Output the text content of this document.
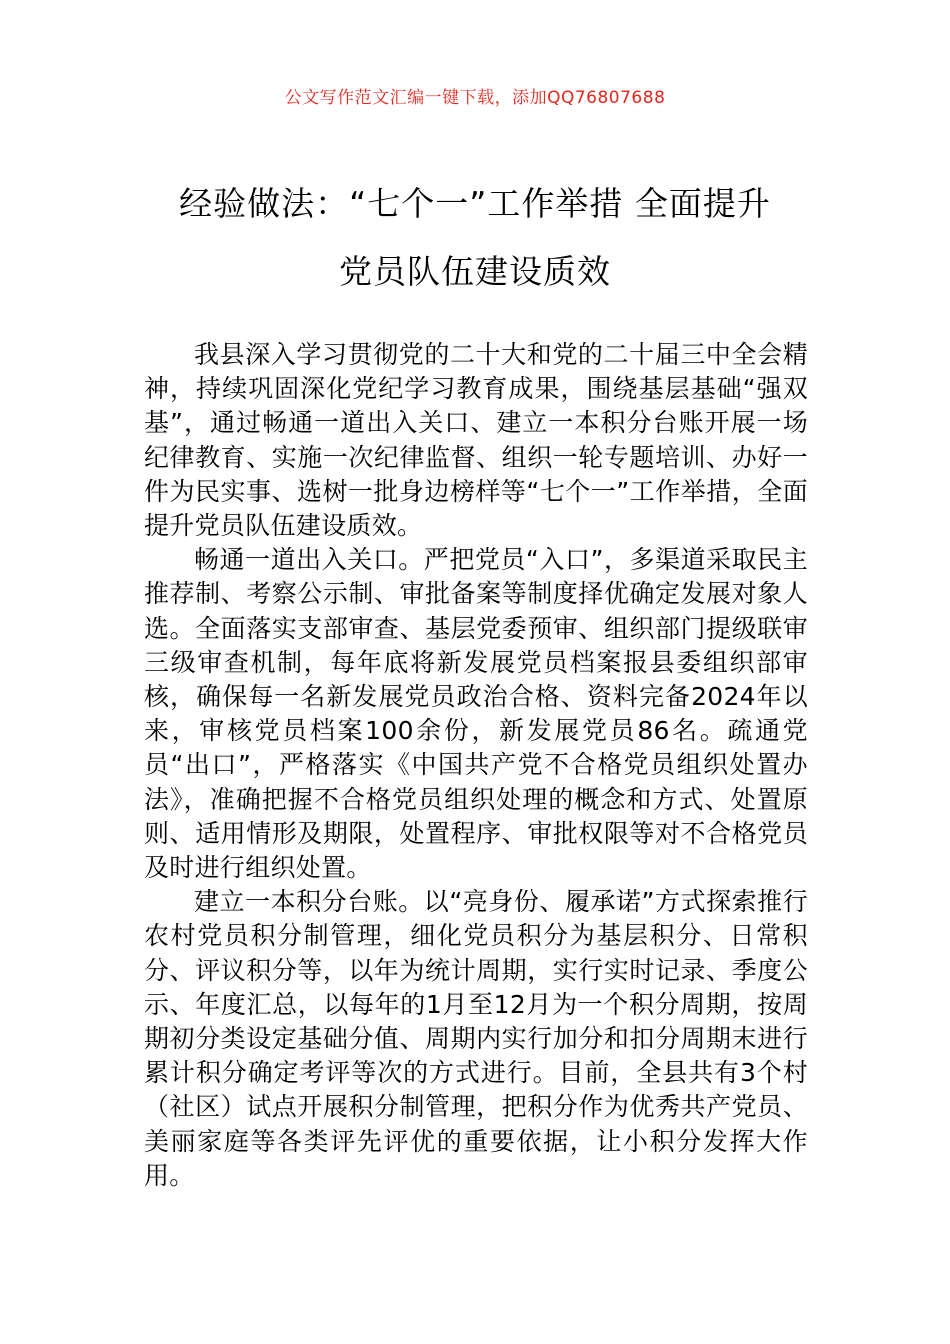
公文写作范文汇编一键下载，添加QQ76807688
经验做法：“七个一”工作举措 全面提升
党员队伍建设质效

我县深入学习贯彻党的二十大和党的二十届三中全会精神，持续巩固深化党纪学习教育成果，围绕基层基础“强双基”，通过畅通一道出入关口、建立一本积分台账开展一场纪律教育、实施一次纪律监督、组织一轮专题培训、办好一件为民实事、选树一批身边榜样等“七个一”工作举措，全面提升党员队伍建设质效。

畅通一道出入关口。严把党员“入口”，多渠道采取民主推荐制、考察公示制、审批备案等制度择优确定发展对象人选。全面落实支部审查、基层党委预审、组织部门提级联审三级审查机制，每年底将新发展党员档案报县委组织部审核，确保每一名新发展党员政治合格、资料完备2024年以来，审核党员档案100余份，新发展党员86名。疏通党员“出口”，严格落实《中国共产党不合格党员组织处置办法》，准确把握不合格党员组织处理的概念和方式、处置原则、适用情形及期限，处置程序、审批权限等对不合格党员及时进行组织处置。

建立一本积分台账。以“亮身份、履承诺”方式探索推行农村党员积分制管理，细化党员积分为基层积分、日常积分、评议积分等，以年为统计周期，实行实时记录、季度公示、年度汇总，以每年的1月至12月为一个积分周期，按周期初分类设定基础分值、周期内实行加分和扣分周期末进行累计积分确定考评等次的方式进行。目前，全县共有3个村（社区）试点开展积分制管理，把积分作为优秀共产党员、美丽家庭等各类评先评优的重要依据，让小积分发挥大作用。
